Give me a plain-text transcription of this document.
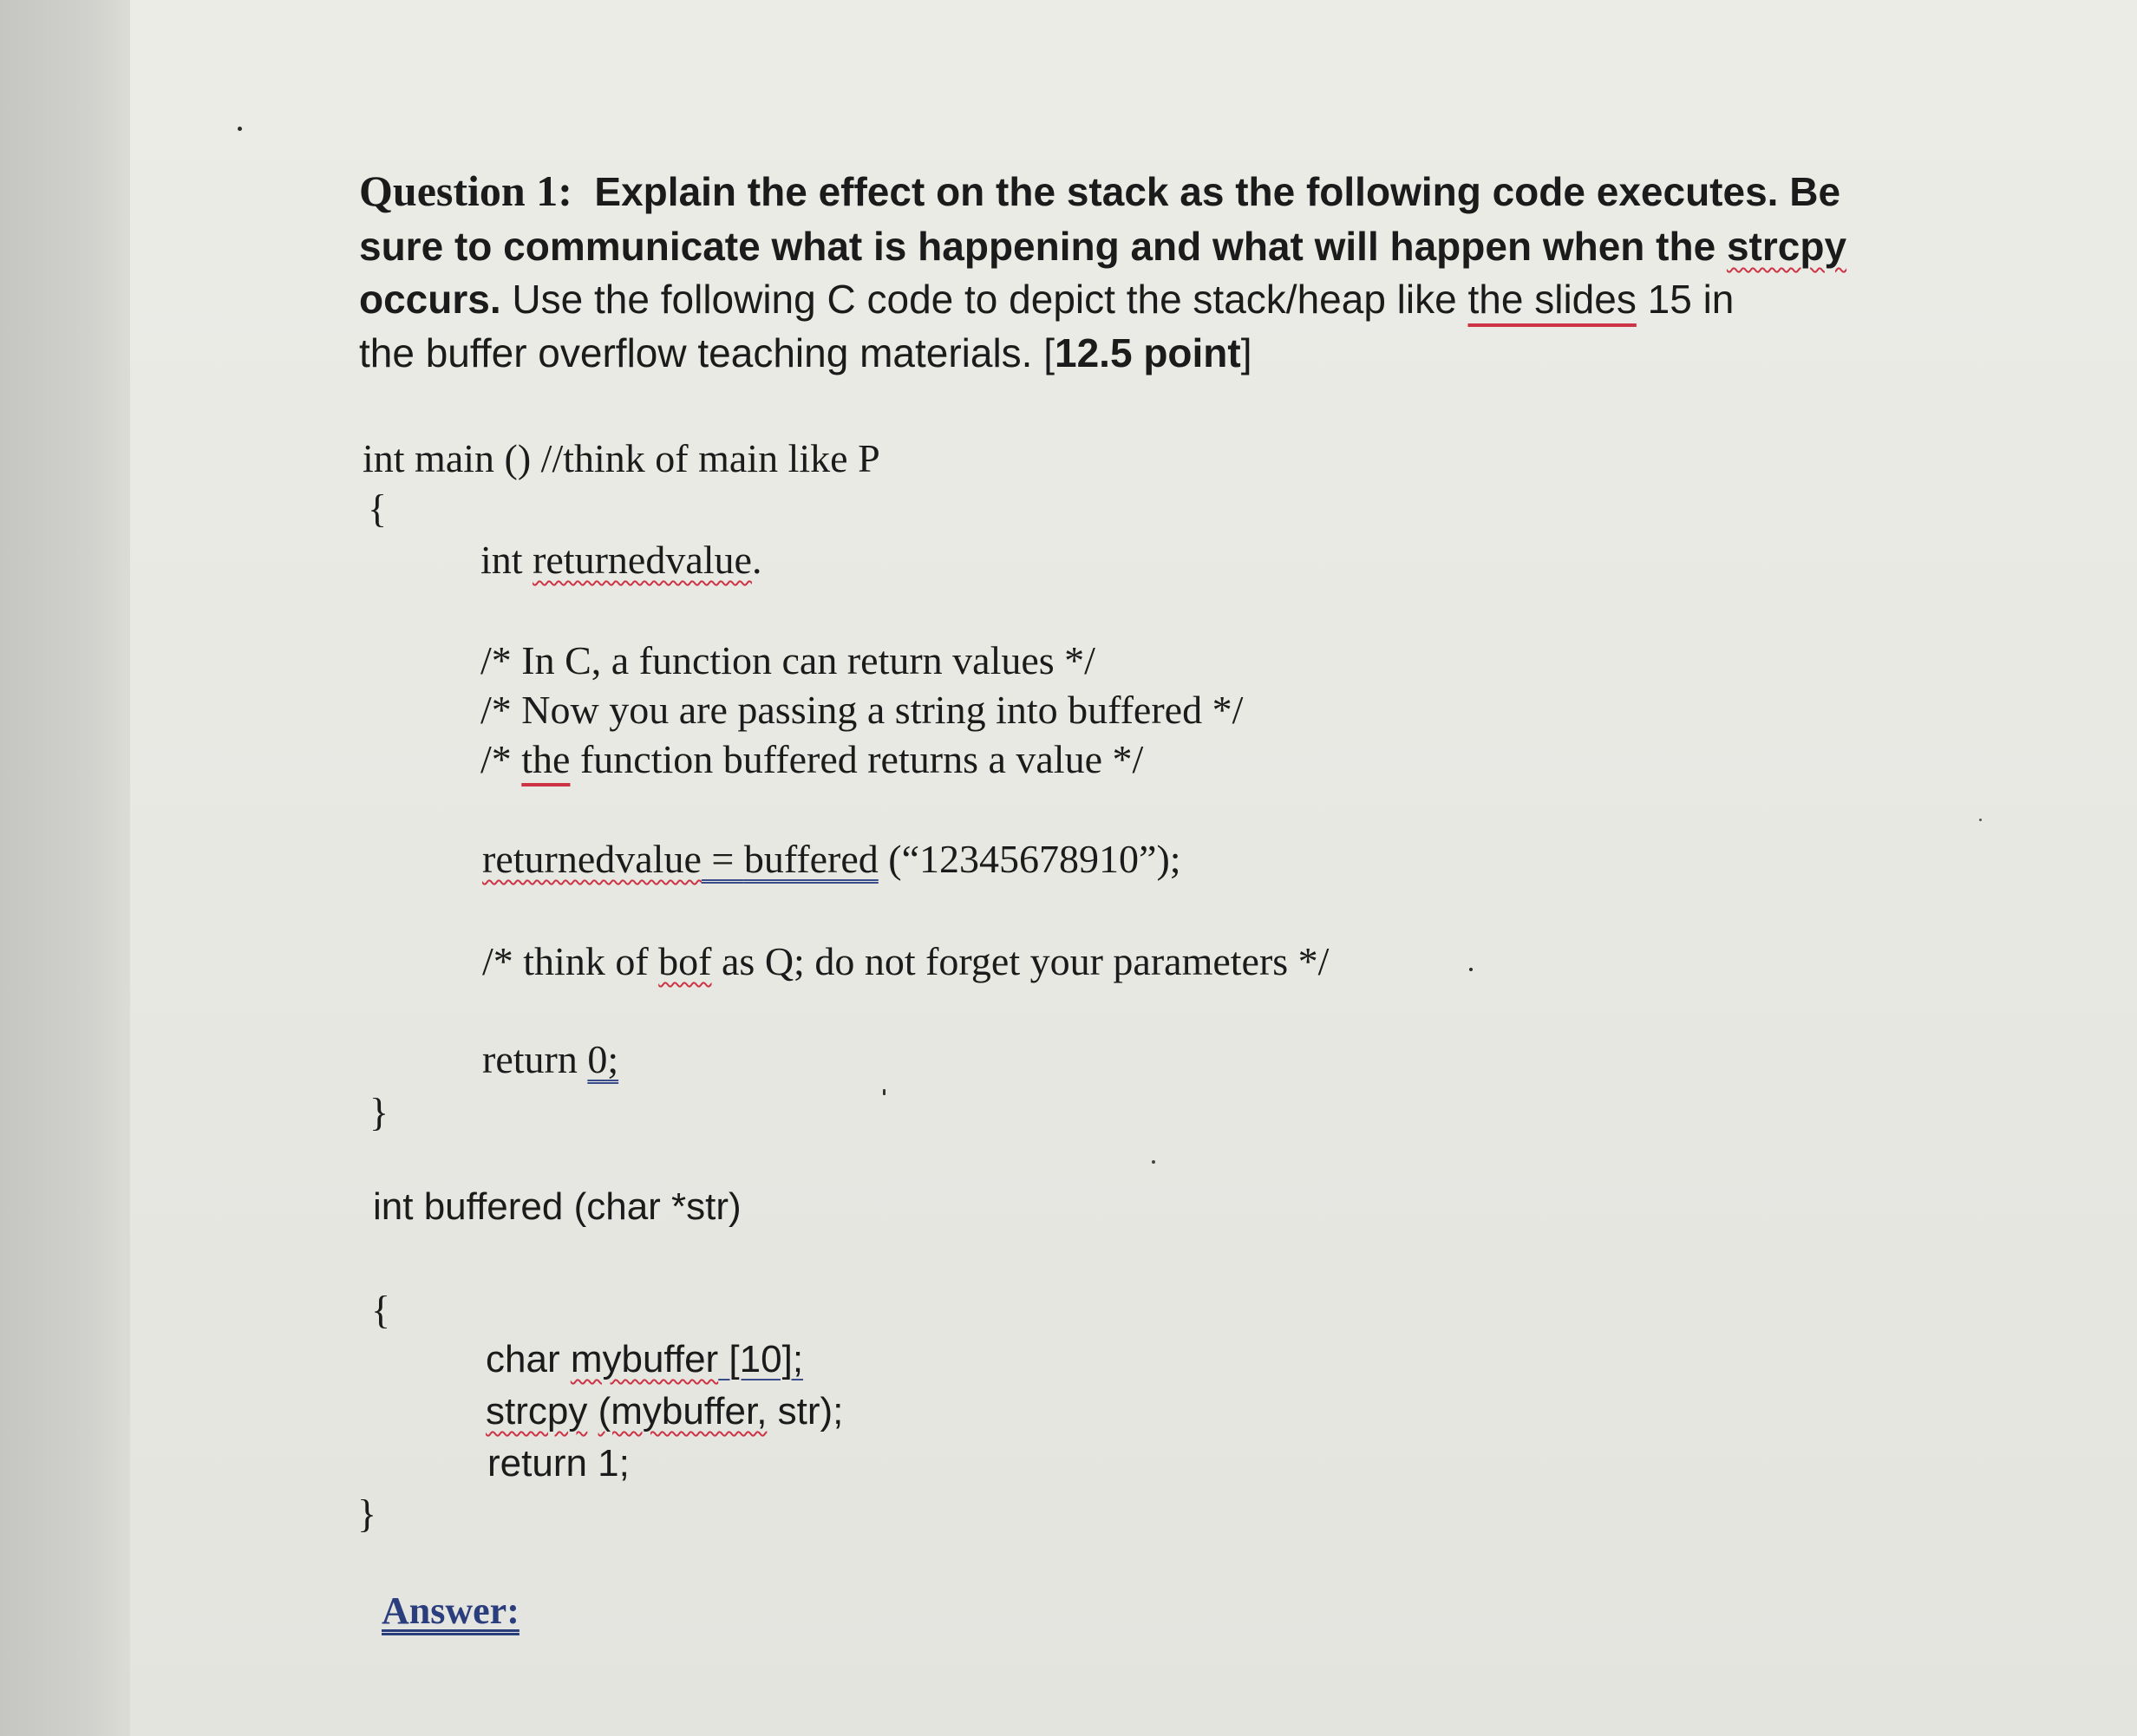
Question 1: Explain the effect on the stack as the following code executes. Be
sure to communicate what is happening and what will happen when the strcpy
occurs. Use the following C code to depict the stack/heap like the slides 15 in
the buffer overflow teaching materials. [12.5 point]
int main () //think of main like P
{
int returnedvalue.
/* In C, a function can return values */
/* Now you are passing a string into buffered */
/* the function buffered returns a value */
returnedvalue = buffered (“12345678910”);
/* think of bof as Q; do not forget your parameters */
return 0;
}
int buffered (char *str)
{
char mybuffer [10];
strcpy (mybuffer, str);
return 1;
}
Answer:
